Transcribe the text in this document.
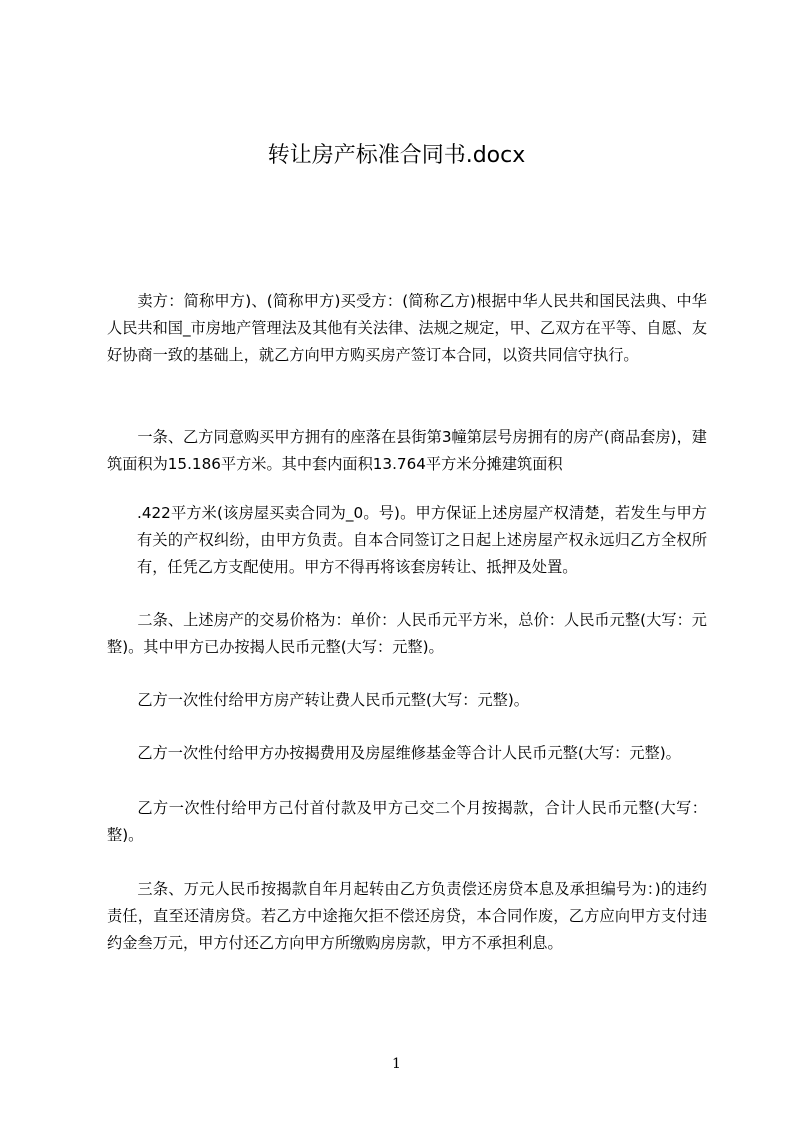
转让房产标准合同书.docx

卖方：简称甲方)、(简称甲方)买受方：(简称乙方)根据中华人民共和国民法典、中华人民共和国_市房地产管理法及其他有关法律、法规之规定，甲、乙双方在平等、自愿、友好协商一致的基础上，就乙方向甲方购买房产签订本合同，以资共同信守执行。

一条、乙方同意购买甲方拥有的座落在县街第3幢第层号房拥有的房产(商品套房)，建筑面积为15.186平方米。其中套内面积13.764平方米分摊建筑面积

.422平方米(该房屋买卖合同为_0。号)。甲方保证上述房屋产权清楚，若发生与甲方有关的产权纠纷，由甲方负责。自本合同签订之日起上述房屋产权永远归乙方全权所有，任凭乙方支配使用。甲方不得再将该套房转让、抵押及处置。

二条、上述房产的交易价格为：单价：人民币元平方米，总价：人民币元整(大写：元整)。其中甲方已办按揭人民币元整(大写：元整)。

乙方一次性付给甲方房产转让费人民币元整(大写：元整)。

乙方一次性付给甲方办按揭费用及房屋维修基金等合计人民币元整(大写：元整)。

乙方一次性付给甲方己付首付款及甲方己交二个月按揭款，合计人民币元整(大写：整)。

三条、万元人民币按揭款自年月起转由乙方负责偿还房贷本息及承担编号为：)的违约责任，直至还清房贷。若乙方中途拖欠拒不偿还房贷，本合同作废，乙方应向甲方支付违约金叁万元，甲方付还乙方向甲方所缴购房房款，甲方不承担利息。

1
